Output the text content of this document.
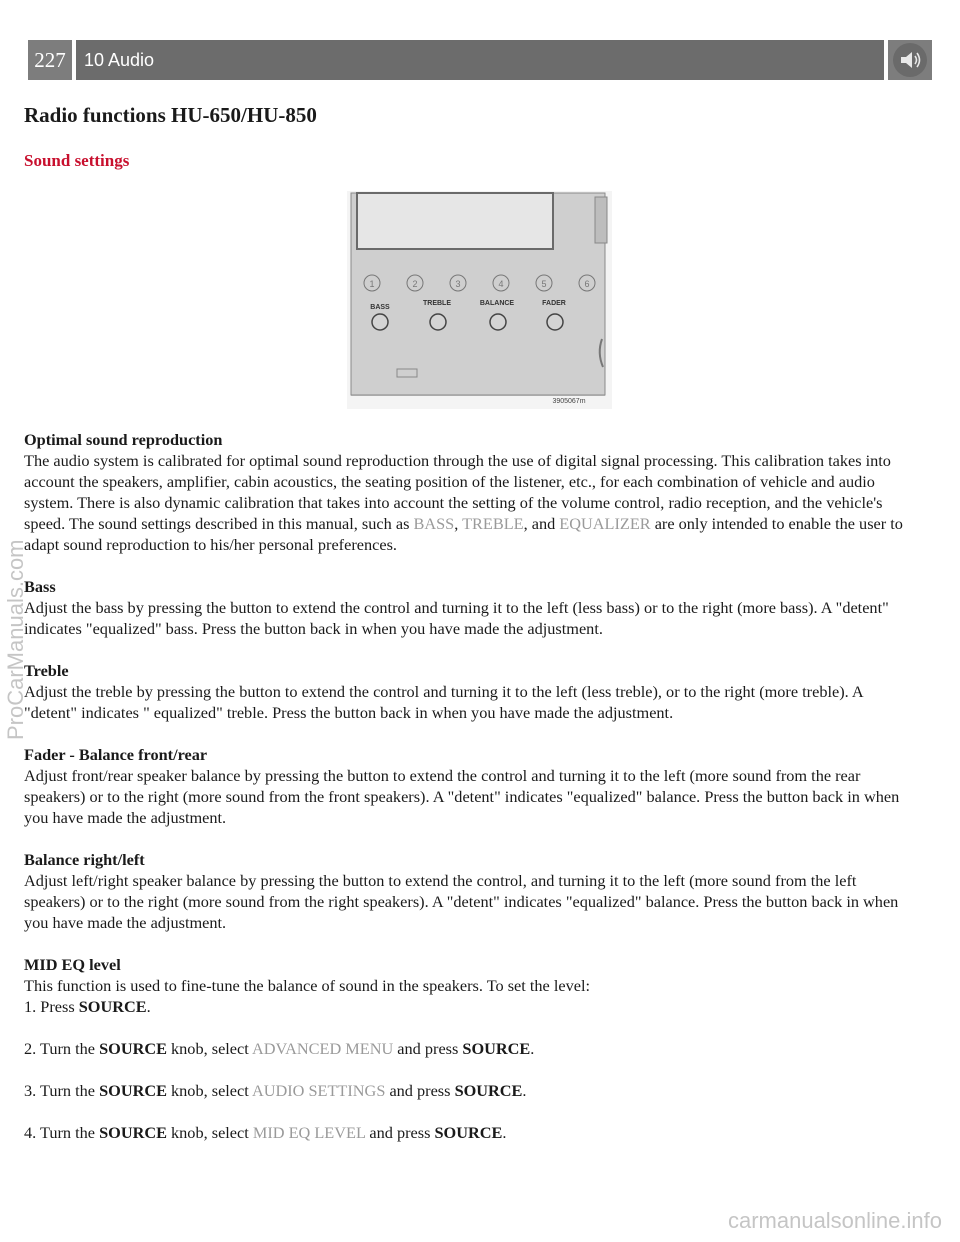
227	10 Audio
Radio functions HU-650/HU-850
Sound settings
1	2	3	4	5	6
BASS
TREBLE	BALANCE	FADER
3905067m

Optimal sound reproduction
The audio system is calibrated for optimal sound reproduction through the use of digital signal processing. This calibration takes into account the speakers, amplifier, cabin acoustics, the seating position of the listener, etc., for each combination of vehicle and audio system. There is also dynamic calibration that takes into account the setting of the volume control, radio reception, and the vehicle's speed. The sound settings described in this manual, such as BASS, TREBLE, and EQUALIZER are only intended to enable the user to adapt sound reproduction to his/her personal preferences.

Bass
Adjust the bass by pressing the button to extend the control and turning it to the left (less bass) or to the right (more bass). A "detent" indicates "equalized" bass. Press the button back in when you have made the adjustment.

Treble
Adjust the treble by pressing the button to extend the control and turning it to the left (less treble), or to the right (more treble). A "detent" indicates " equalized" treble. Press the button back in when you have made the adjustment.

Fader - Balance front/rear
Adjust front/rear speaker balance by pressing the button to extend the control and turning it to the left (more sound from the rear speakers) or to the right (more sound from the front speakers). A "detent" indicates "equalized" balance. Press the button back in when you have made the adjustment.

Balance right/left
Adjust left/right speaker balance by pressing the button to extend the control, and turning it to the left (more sound from the left speakers) or to the right (more sound from the right speakers). A "detent" indicates "equalized" balance. Press the button back in when you have made the adjustment.

MID EQ level
This function is used to fine-tune the balance of sound in the speakers. To set the level:
1. Press SOURCE.

2. Turn the SOURCE knob, select ADVANCED MENU and press SOURCE.

3. Turn the SOURCE knob, select AUDIO SETTINGS and press SOURCE.

4. Turn the SOURCE knob, select MID EQ LEVEL and press SOURCE.

ProCarManuals.com
carmanualsonline.info
